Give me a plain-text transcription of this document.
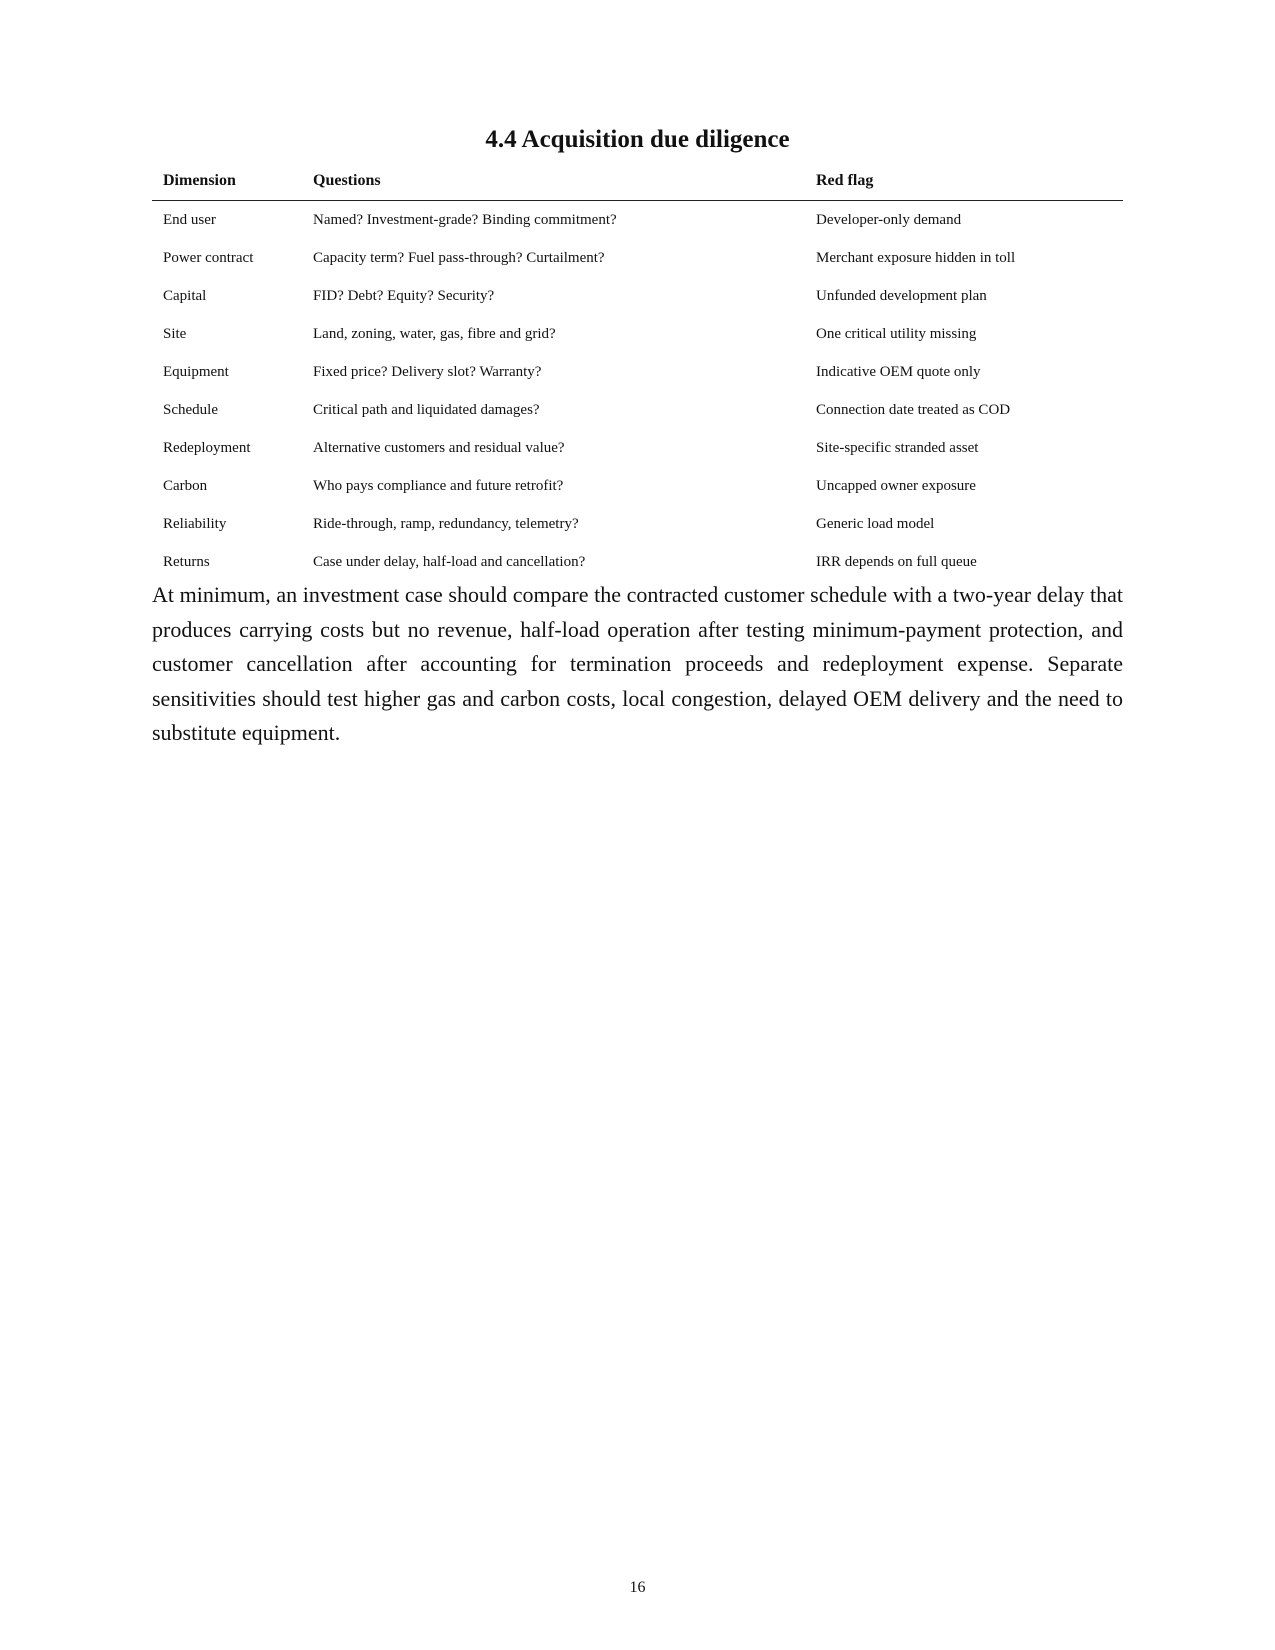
4.4 Acquisition due diligence
Dimension	Questions	Red flag
End user	Named? Investment-grade? Binding commitment?	Developer-only demand
Power contract	Capacity term? Fuel pass-through? Curtailment?	Merchant exposure hidden in toll
Capital	FID? Debt? Equity? Security?	Unfunded development plan
Site	Land, zoning, water, gas, fibre and grid?	One critical utility missing
Equipment	Fixed price? Delivery slot? Warranty?	Indicative OEM quote only
Schedule	Critical path and liquidated damages?	Connection date treated as COD
Redeployment	Alternative customers and residual value?	Site-specific stranded asset
Carbon	Who pays compliance and future retrofit?	Uncapped owner exposure
Reliability	Ride-through, ramp, redundancy, telemetry?	Generic load model
Returns	Case under delay, half-load and cancellation?	IRR depends on full queue

At minimum, an investment case should compare the contracted customer schedule with a two-year delay that produces carrying costs but no revenue, half-load operation after testing minimum-payment protection, and customer cancellation after accounting for termination proceeds and redeployment expense. Separate sensitivities should test higher gas and carbon costs, local congestion, delayed OEM delivery and the need to substitute equipment.

16
